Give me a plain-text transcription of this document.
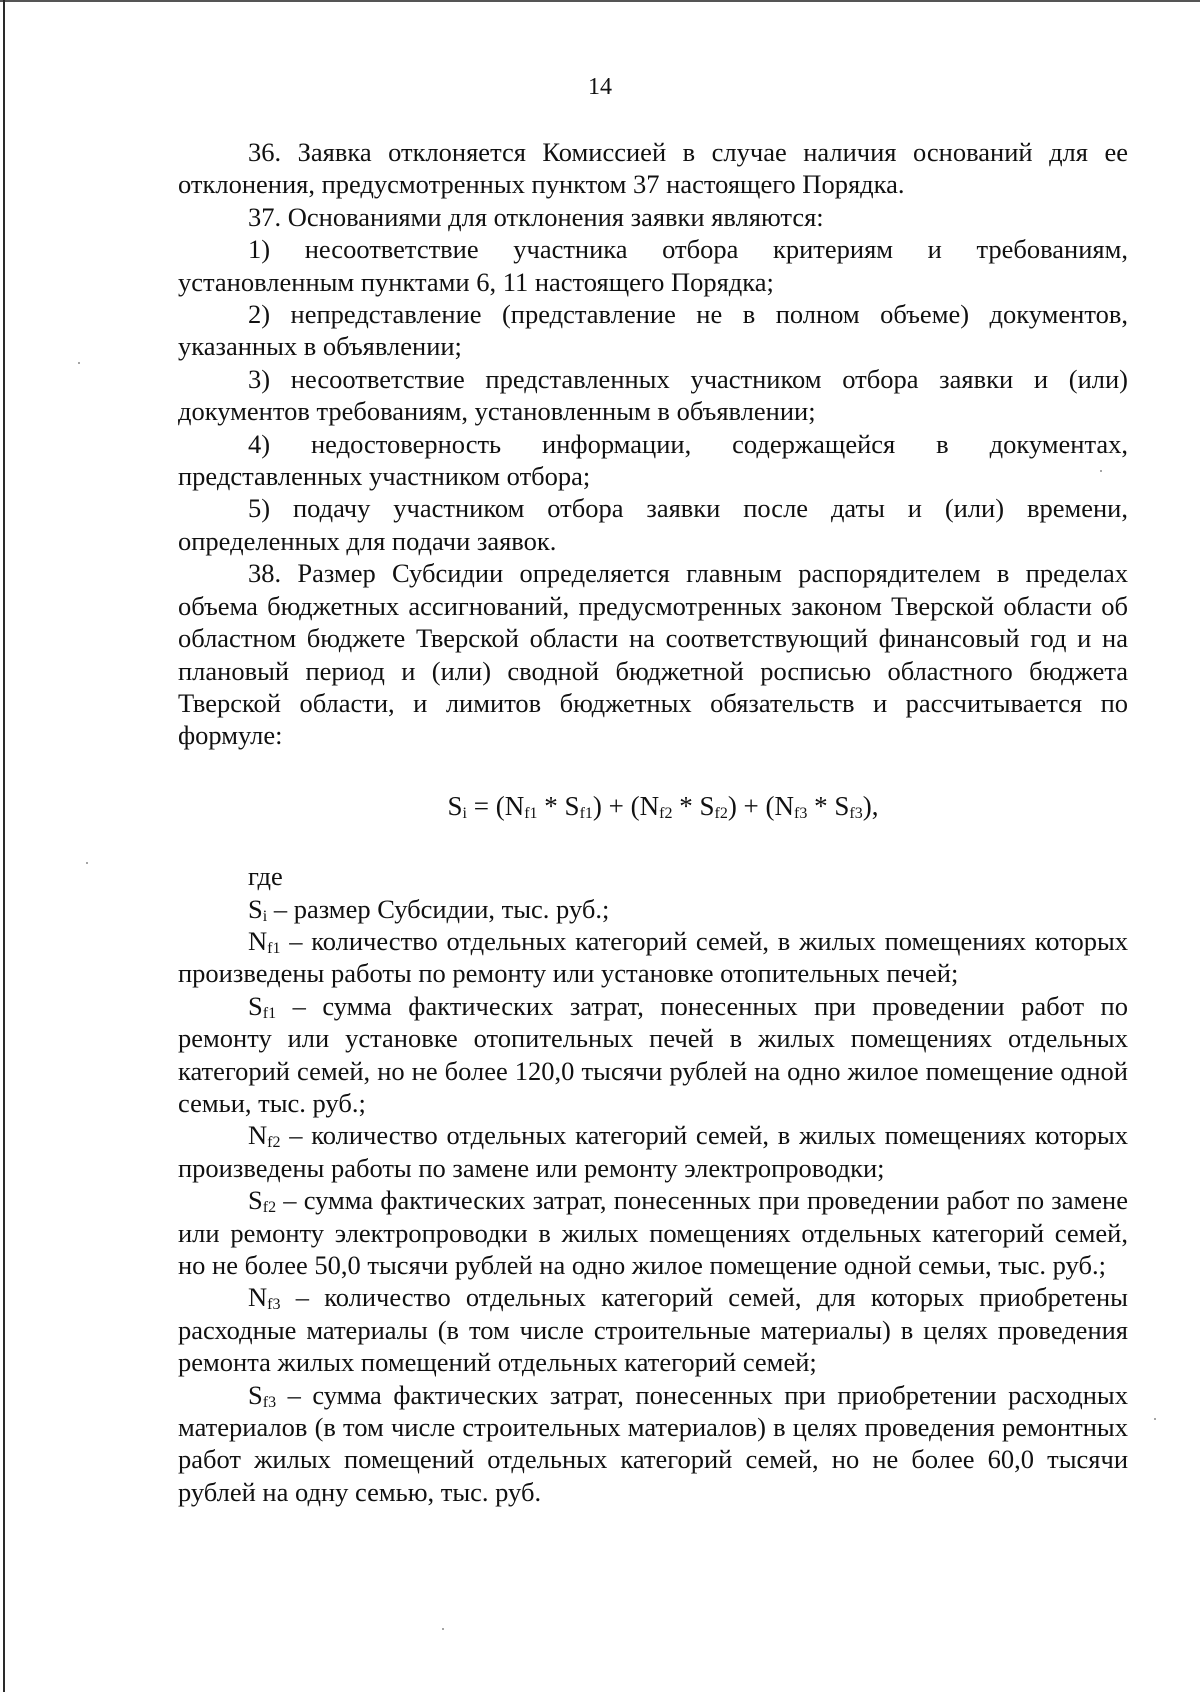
14

36. Заявка отклоняется Комиссией в случае наличия оснований для ее отклонения, предусмотренных пунктом 37 настоящего Порядка.

37. Основаниями для отклонения заявки являются:

1) несоответствие участника отбора критериям и требованиям, установленным пунктами 6, 11 настоящего Порядка;

2) непредставление (представление не в полном объеме) документов, указанных в объявлении;

3) несоответствие представленных участником отбора заявки и (или) документов требованиям, установленным в объявлении;

4) недостоверность информации, содержащейся в документах, представленных участником отбора;

5) подачу участником отбора заявки после даты и (или) времени, определенных для подачи заявок.

38. Размер Субсидии определяется главным распорядителем в пределах объема бюджетных ассигнований, предусмотренных законом Тверской области об областном бюджете Тверской области на соответствующий финансовый год и на плановый период и (или) сводной бюджетной росписью областного бюджета Тверской области, и лимитов бюджетных обязательств и рассчитывается по формуле:

$S_i = (N_{f1} * S_{f1}) + (N_{f2} * S_{f2}) + (N_{f3} * S_{f3})$,

где

$S_i$ – размер Субсидии, тыс. руб.;

$N_{f1}$ – количество отдельных категорий семей, в жилых помещениях которых произведены работы по ремонту или установке отопительных печей;

$S_{f1}$ – сумма фактических затрат, понесенных при проведении работ по ремонту или установке отопительных печей в жилых помещениях отдельных категорий семей, но не более 120,0 тысячи рублей на одно жилое помещение одной семьи, тыс. руб.;

$N_{f2}$ – количество отдельных категорий семей, в жилых помещениях которых произведены работы по замене или ремонту электропроводки;

$S_{f2}$ – сумма фактических затрат, понесенных при проведении работ по замене или ремонту электропроводки в жилых помещениях отдельных категорий семей, но не более 50,0 тысячи рублей на одно жилое помещение одной семьи, тыс. руб.;

$N_{f3}$ – количество отдельных категорий семей, для которых приобретены расходные материалы (в том числе строительные материалы) в целях проведения ремонта жилых помещений отдельных категорий семей;

$S_{f3}$ – сумма фактических затрат, понесенных при приобретении расходных материалов (в том числе строительных материалов) в целях проведения ремонтных работ жилых помещений отдельных категорий семей, но не более 60,0 тысячи рублей на одну семью, тыс. руб.
